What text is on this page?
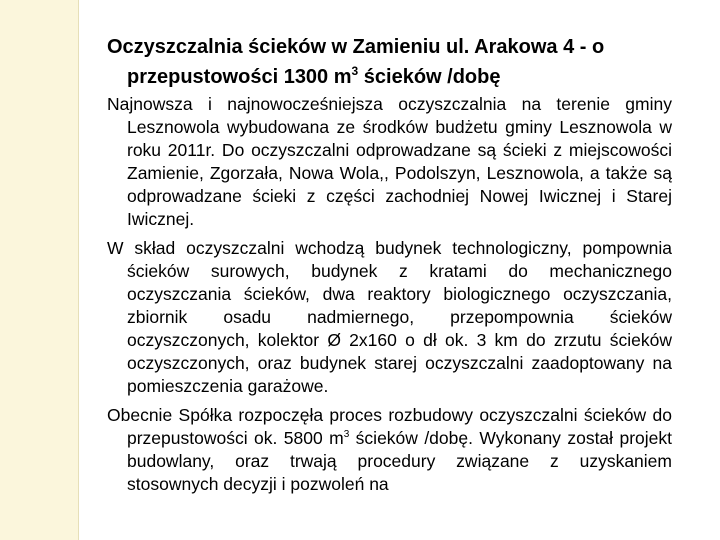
Oczyszczalnia ścieków w Zamieniu ul. Arakowa 4 - o przepustowości 1300 $m^3$ ścieków /dobę
Najnowsza i najnowocześniejsza oczyszczalnia na terenie gminy Lesznowola wybudowana ze środków budżetu gminy Lesznowola w roku 2011r. Do oczyszczalni odprowadzane są ścieki z miejscowości Zamienie, Zgorzała, Nowa Wola,, Podolszyn, Lesznowola, a także są odprowadzane ścieki z części zachodniej Nowej Iwicznej i Starej Iwicznej.
W skład oczyszczalni wchodzą budynek technologiczny, pompownia ścieków surowych, budynek z kratami do mechanicznego oczyszczania ścieków, dwa reaktory biologicznego oczyszczania, zbiornik osadu nadmiernego, przepompownia ścieków oczyszczonych, kolektor Ø 2x160 o dł ok. 3 km do zrzutu ścieków oczyszczonych, oraz budynek starej oczyszczalni zaadoptowany na pomieszczenia garażowe.
Obecnie Spółka rozpoczęła proces rozbudowy oczyszczalni ścieków do przepustowości ok. 5800 $m^3$ ścieków /dobę. Wykonany został projekt budowlany, oraz trwają procedury związane z uzyskaniem stosownych decyzji i pozwoleń na
